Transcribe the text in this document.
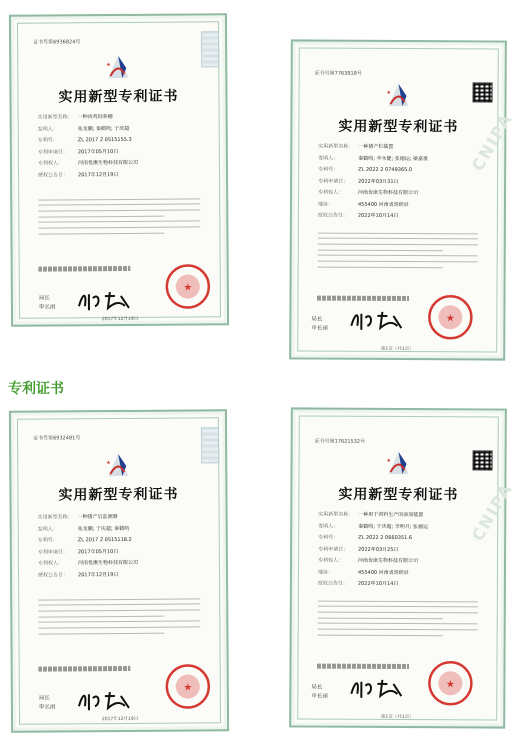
证书号第6936824号
★
实用新型专利证书
实用新型名称： 一种肉鸡饲养棚
发明人：	张龙鹏; 秦鹤鸣; 于庆超
专利号：	ZL 2017 2 0515155.3
专利申请日：	2017年05月10日
专利权人：	河南优康生物科技有限公司
授权公告日：	2017年12月19日
局长
申长雨
★
2017年12月19日
CNIPA
证书号第7763918号
★
实用新型专利证书
实用新型名称： 一种猪产栏装置
发明人：	秦鹤鸣; 李永健; 张德运; 梁嘉豪
专利号：	ZL 2022 2 0749365.0
专利申请日：	2022年03月31日
专利权人：	河南优康生物科技有限公司
地址：	455400 河南省汤阴县
授权公告日：	2022年10月14日
局长
申长雨
★
第1页（共1页）
专利证书
证书号第6932481号
★
实用新型专利证书
实用新型名称： 一种猪产后监测器
发明人：	张龙鹏; 于庆超; 秦鹤鸣
专利号：	ZL 2017 2 0515118.2
专利申请日：	2017年05月10日
专利权人：	河南优康生物科技有限公司
授权公告日：	2017年12月19日
局长
申长雨
★
2017年12月19日
CNIPA
证书号第17621532号
★
实用新型专利证书
实用新型名称： 一种用于饲料生产的添加装置
发明人：	秦鹤鸣; 于庆超; 李明月; 张德运
专利号：	ZL 2022 2 0660351.6
专利申请日：	2022年03月25日
专利权人：	河南优康生物科技有限公司
地址：	455400 河南省汤阴县
授权公告日：	2022年10月14日
局长
申长雨
★
第1页（共1页）
